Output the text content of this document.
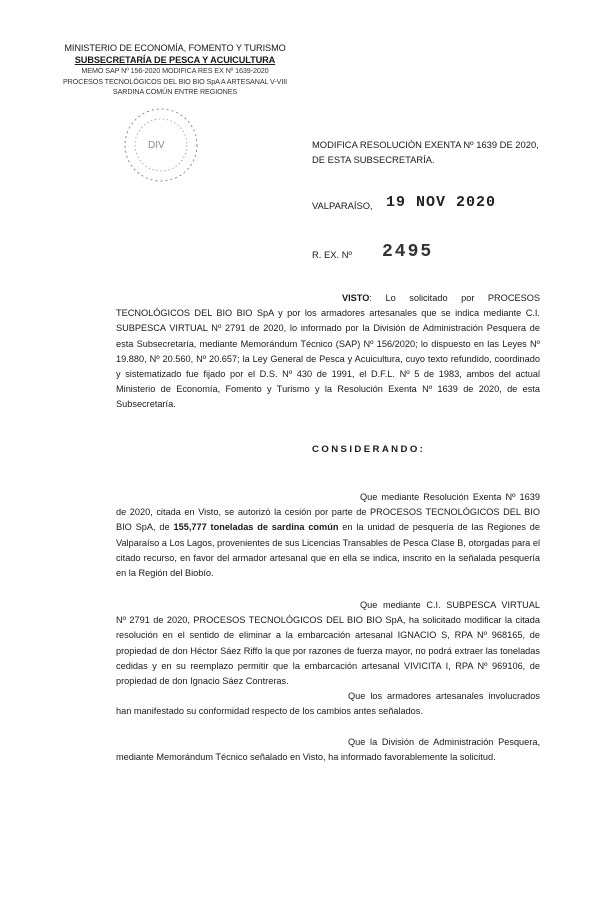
MINISTERIO DE ECONOMÍA, FOMENTO Y TURISMO
SUBSECRETARÍA DE PESCA Y ACUICULTURA
MEMO SAP Nº 156-2020 MODIFICA RES EX Nº 1639-2020
PROCESOS TECNOLÓGICOS DEL BIO BIO SpA A ARTESANAL V-VIII
SARDINA COMÚN ENTRE REGIONES
DIV	MODIFICA RESOLUCIÓN EXENTA Nº 1639 DE 2020, DE ESTA SUBSECRETARÍA.
VALPARAÍSO, 19 NOV 2020
R. EX. Nº 2495
VISTO: Lo solicitado por PROCESOS TECNOLÓGICOS DEL BIO BIO SpA y por los armadores artesanales que se indica mediante C.I. SUBPESCA VIRTUAL Nº 2791 de 2020, lo informado por la División de Administración Pesquera de esta Subsecretaría, mediante Memorándum Técnico (SAP) Nº 156/2020; lo dispuesto en las Leyes Nº 19.880, Nº 20.560, Nº 20.657; la Ley General de Pesca y Acuicultura, cuyo texto refundido, coordinado y sistematizado fue fijado por el D.S. Nº 430 de 1991, el D.F.L. Nº 5 de 1983, ambos del actual Ministerio de Economía, Fomento y Turismo y la Resolución Exenta Nº 1639 de 2020, de esta Subsecretaría.
CONSIDERANDO:
Que mediante Resolución Exenta Nº 1639 de 2020, citada en Visto, se autorizó la cesión por parte de PROCESOS TECNOLÓGICOS DEL BIO BIO SpA, de 155,777 toneladas de sardina común en la unidad de pesquería de las Regiones de Valparaíso a Los Lagos, provenientes de sus Licencias Transables de Pesca Clase B, otorgadas para el citado recurso, en favor del armador artesanal que en ella se indica, inscrito en la señalada pesquería en la Región del Biobío.
Que mediante C.I. SUBPESCA VIRTUAL Nº 2791 de 2020, PROCESOS TECNOLÓGICOS DEL BIO BIO SpA, ha solicitado modificar la citada resolución en el sentido de eliminar a la embarcación artesanal IGNACIO S, RPA Nº 968165, de propiedad de don Héctor Sáez Riffo la que por razones de fuerza mayor, no podrá extraer las toneladas cedidas y en su reemplazo permitir que la embarcación artesanal VIVICITA I, RPA Nº 969106, de propiedad de don Ignacio Sáez Contreras.
Que los armadores artesanales involucrados han manifestado su conformidad respecto de los cambios antes señalados.
Que la División de Administración Pesquera, mediante Memorándum Técnico señalado en Visto, ha informado favorablemente la solicitud.
